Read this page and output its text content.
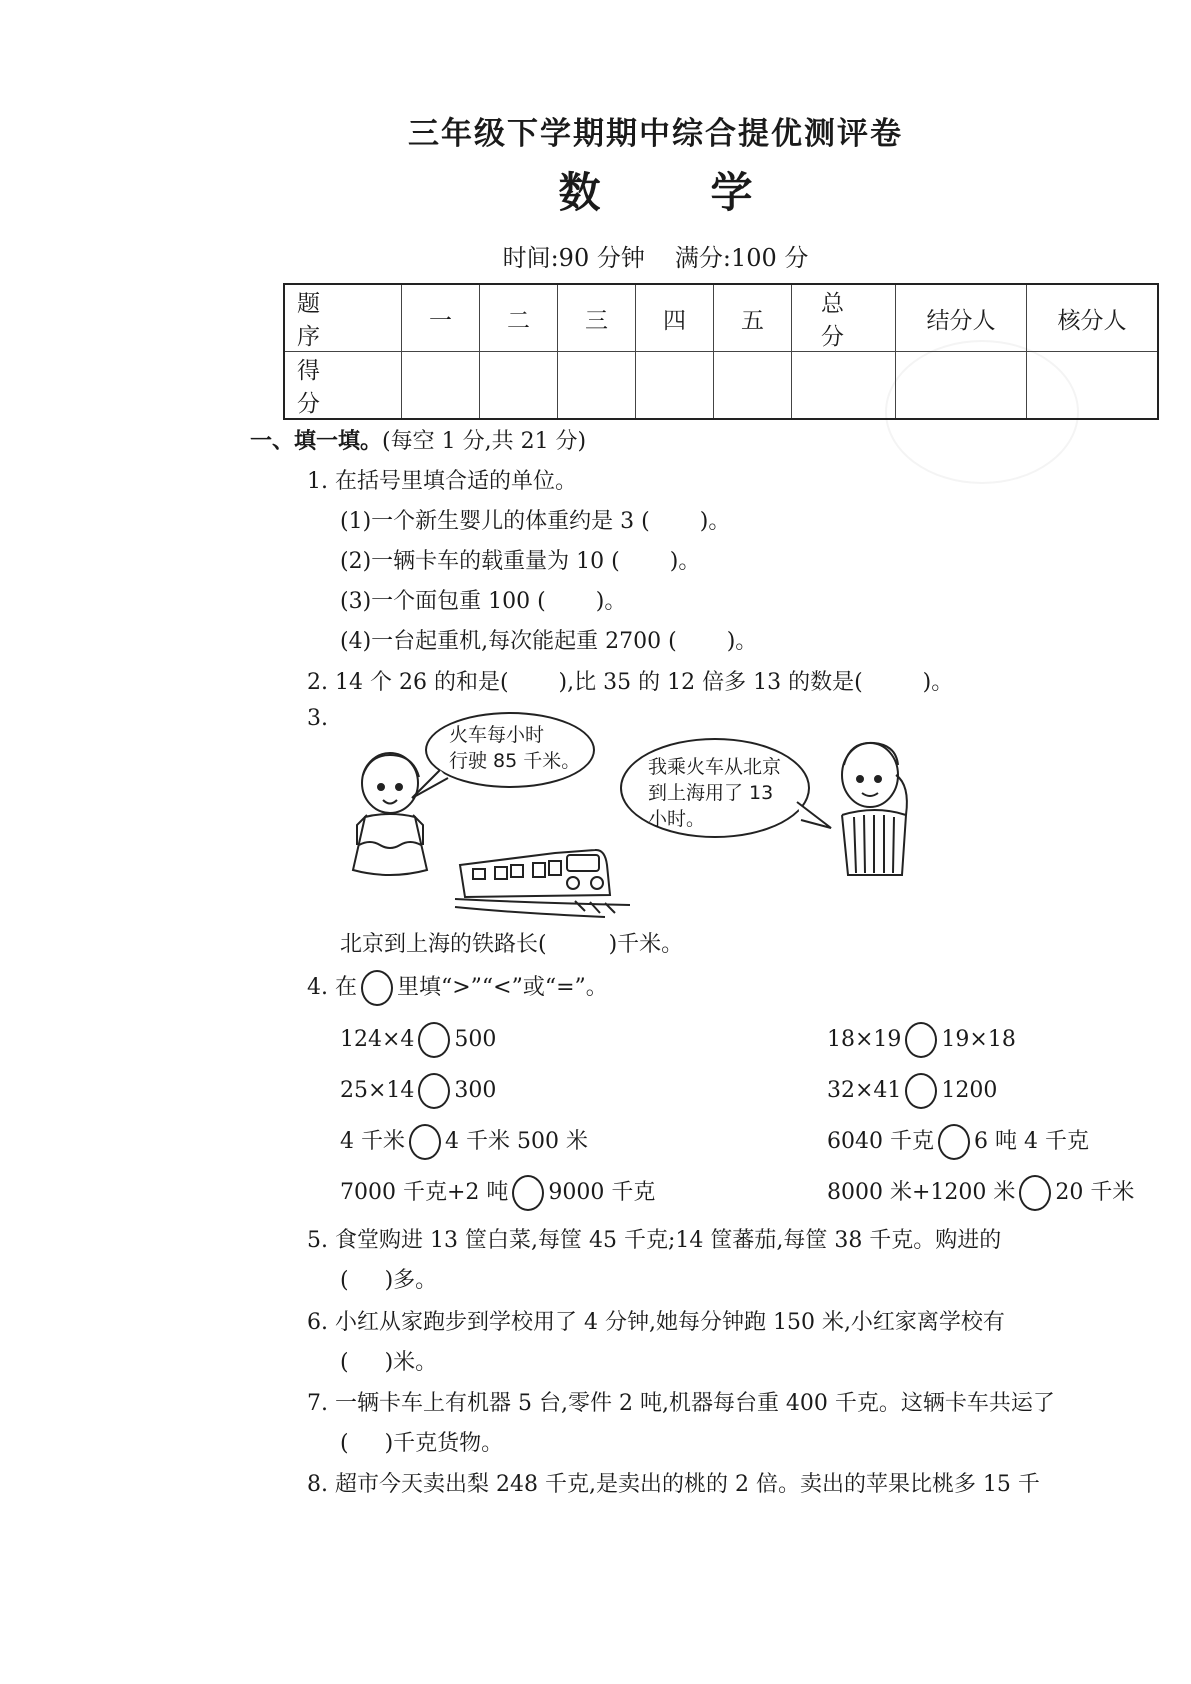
三年级下学期期中综合提优测评卷
数	学
时间:90 分钟 满分:100 分
题　序	一	二	三	四	五	总　分	结分人	核分人
得　分								
一、填一填。(每空 1 分,共 21 分)
1. 在括号里填合适的单位。
(1)一个新生婴儿的体重约是 3 ( )。
(2)一辆卡车的载重量为 10 ( )。
(3)一个面包重 100 ( )。
(4)一台起重机,每次能起重 2700 ( )。
2. 14 个 26 的和是( ),比 35 的 12 倍多 13 的数是(	)。
3.
火车每小时
行驶 85 千米。	我乘火车从北京
到上海用了 13
小时。
北京到上海的铁路长(	)千米。
4. 在 里填“>”“<”或“=”。
124×4 500	18×19 19×18
25×14 300	32×41 1200
4 千米 4 千米 500 米	6040 千克 6 吨 4 千克
7000 千克+2 吨 9000 千克	8000 米+1200 米 20 千米
5. 食堂购进 13 筐白菜,每筐 45 千克;14 筐蕃茄,每筐 38 千克。购进的
( )多。
6. 小红从家跑步到学校用了 4 分钟,她每分钟跑 150 米,小红家离学校有
( )米。
7. 一辆卡车上有机器 5 台,零件 2 吨,机器每台重 400 千克。这辆卡车共运了
( )千克货物。
8. 超市今天卖出梨 248 千克,是卖出的桃的 2 倍。卖出的苹果比桃多 15 千
